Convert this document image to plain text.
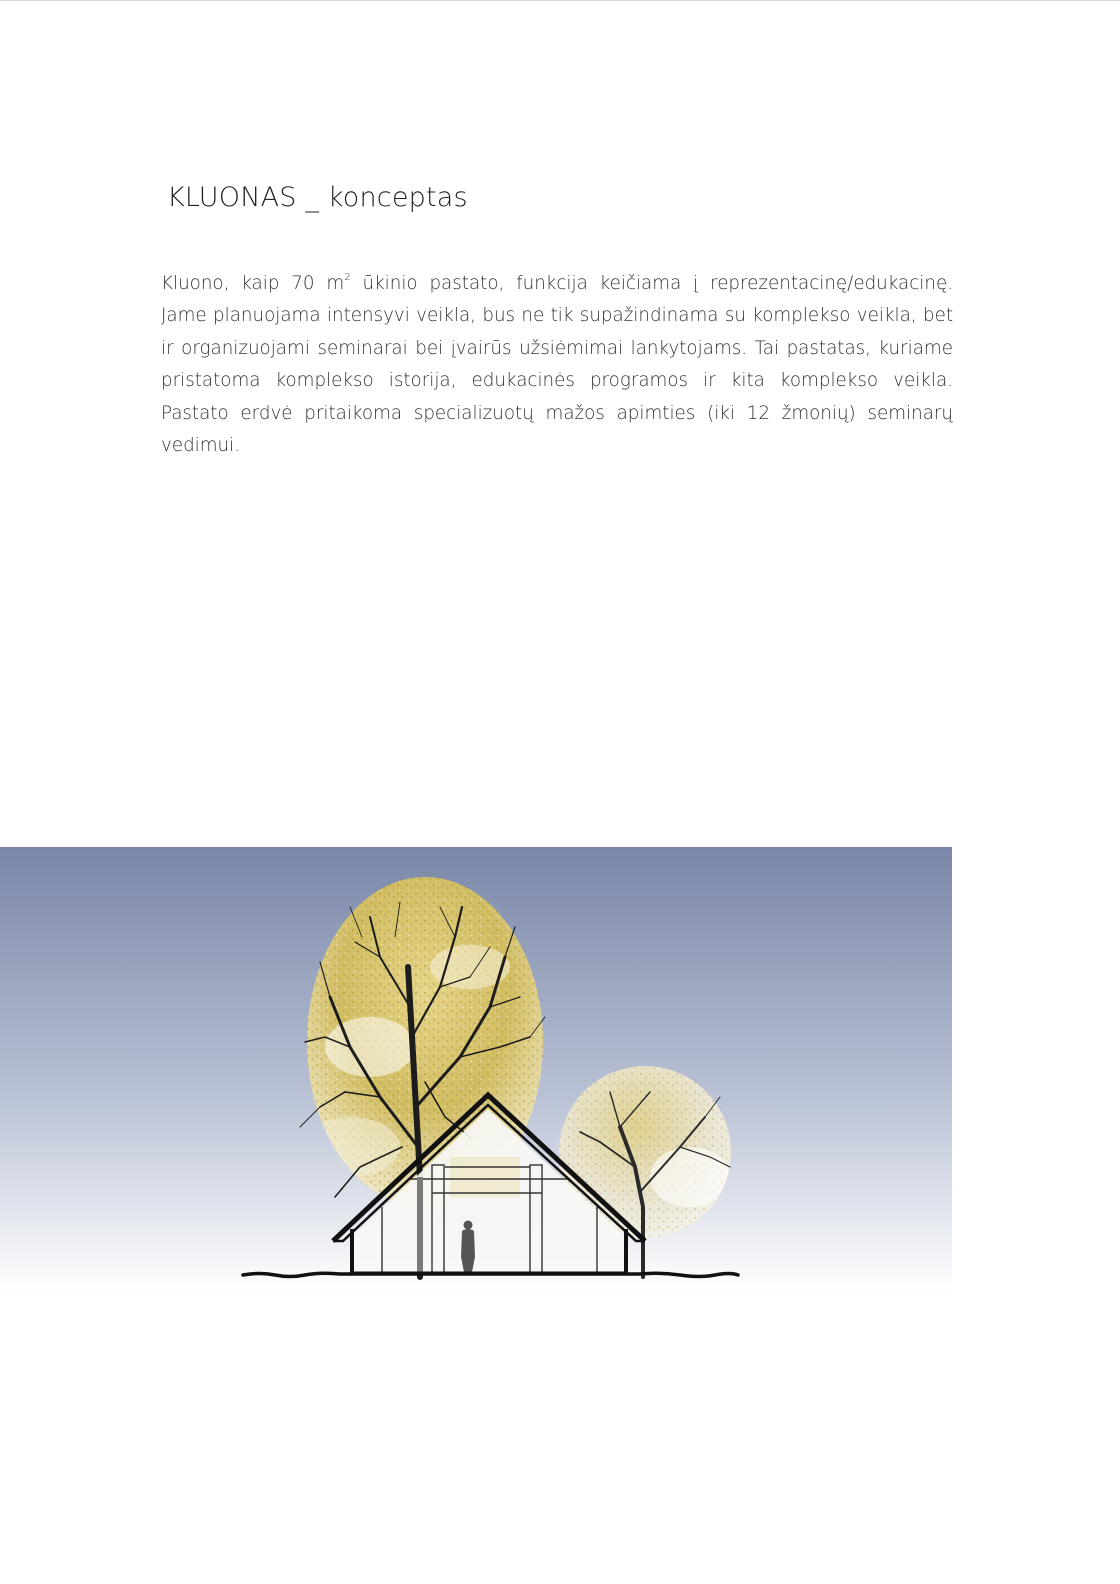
KLUONAS _ konceptas
Kluono, kaip 70 $m^2$ ūkinio pastato, funkcija keičiama į reprezentacinę/edukacinę.
Jame planuojama intensyvi veikla, bus ne tik supažindinama su komplekso veikla, bet
ir organizuojami seminarai bei įvairūs užsiėmimai lankytojams. Tai pastatas, kuriame
pristatoma komplekso istorija, edukacinės programos ir kita komplekso veikla.
Pastato erdvė pritaikoma specializuotų mažos apimties (iki 12 žmonių) seminarų
vedimui.
